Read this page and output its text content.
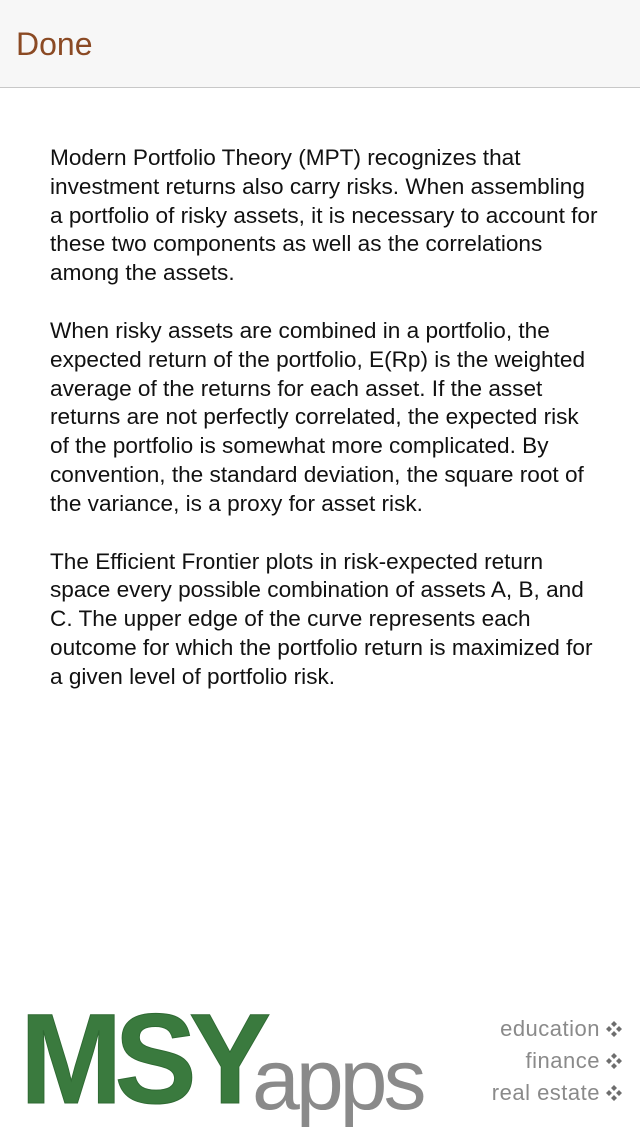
Done

Modern Portfolio Theory (MPT) recognizes that investment returns also carry risks. When assembling a portfolio of risky assets, it is necessary to account for these two components as well as the correlations among the assets.

When risky assets are combined in a portfolio, the expected return of the portfolio, E(Rp) is the weighted average of the returns for each asset. If the asset returns are not perfectly correlated, the expected risk of the portfolio is somewhat more complicated. By convention, the standard deviation, the square root of the variance, is a proxy for asset risk.

The Efficient Frontier plots in risk-expected return space every possible combination of assets A, B, and C. The upper edge of the curve represents each outcome for which the portfolio return is maximized for a given level of portfolio risk.

MSY
apps
education
finance
real estate
